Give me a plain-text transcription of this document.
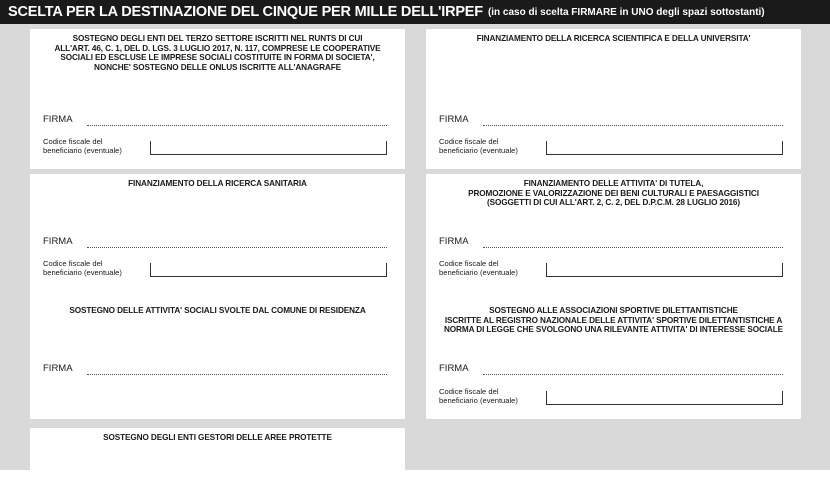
SCELTA PER LA DESTINAZIONE DEL CINQUE PER MILLE DELL'IRPEF (in caso di scelta FIRMARE in UNO degli spazi sottostanti)
SOSTEGNO DEGLI ENTI DEL TERZO SETTORE ISCRITTI NEL RUNTS DI CUI
ALL'ART. 46, C. 1, DEL D. LGS. 3 LUGLIO 2017, N. 117, COMPRESE LE COOPERATIVE
SOCIALI ED ESCLUSE LE IMPRESE SOCIALI COSTITUITE IN FORMA DI SOCIETA',
NONCHE' SOSTEGNO DELLE ONLUS ISCRITTE ALL'ANAGRAFE
FIRMA
Codice fiscale del
beneficiario (eventuale)
FINANZIAMENTO DELLA RICERCA SCIENTIFICA E DELLA UNIVERSITA'
FIRMA
Codice fiscale del
beneficiario (eventuale)
FINANZIAMENTO DELLA RICERCA SANITARIA
FIRMA
Codice fiscale del
beneficiario (eventuale)
FINANZIAMENTO DELLE ATTIVITA' DI TUTELA,
PROMOZIONE E VALORIZZAZIONE DEI BENI CULTURALI E PAESAGGISTICI
(SOGGETTI DI CUI ALL'ART. 2, C. 2, DEL D.P.C.M. 28 LUGLIO 2016)
FIRMA
Codice fiscale del
beneficiario (eventuale)
SOSTEGNO DELLE ATTIVITA' SOCIALI SVOLTE DAL COMUNE DI RESIDENZA
FIRMA
SOSTEGNO ALLE ASSOCIAZIONI SPORTIVE DILETTANTISTICHE
ISCRITTE AL REGISTRO NAZIONALE DELLE ATTIVITA' SPORTIVE DILETTANTISTICHE A
NORMA DI LEGGE CHE SVOLGONO UNA RILEVANTE ATTIVITA' DI INTERESSE SOCIALE
FIRMA
Codice fiscale del
beneficiario (eventuale)
SOSTEGNO DEGLI ENTI GESTORI DELLE AREE PROTETTE
